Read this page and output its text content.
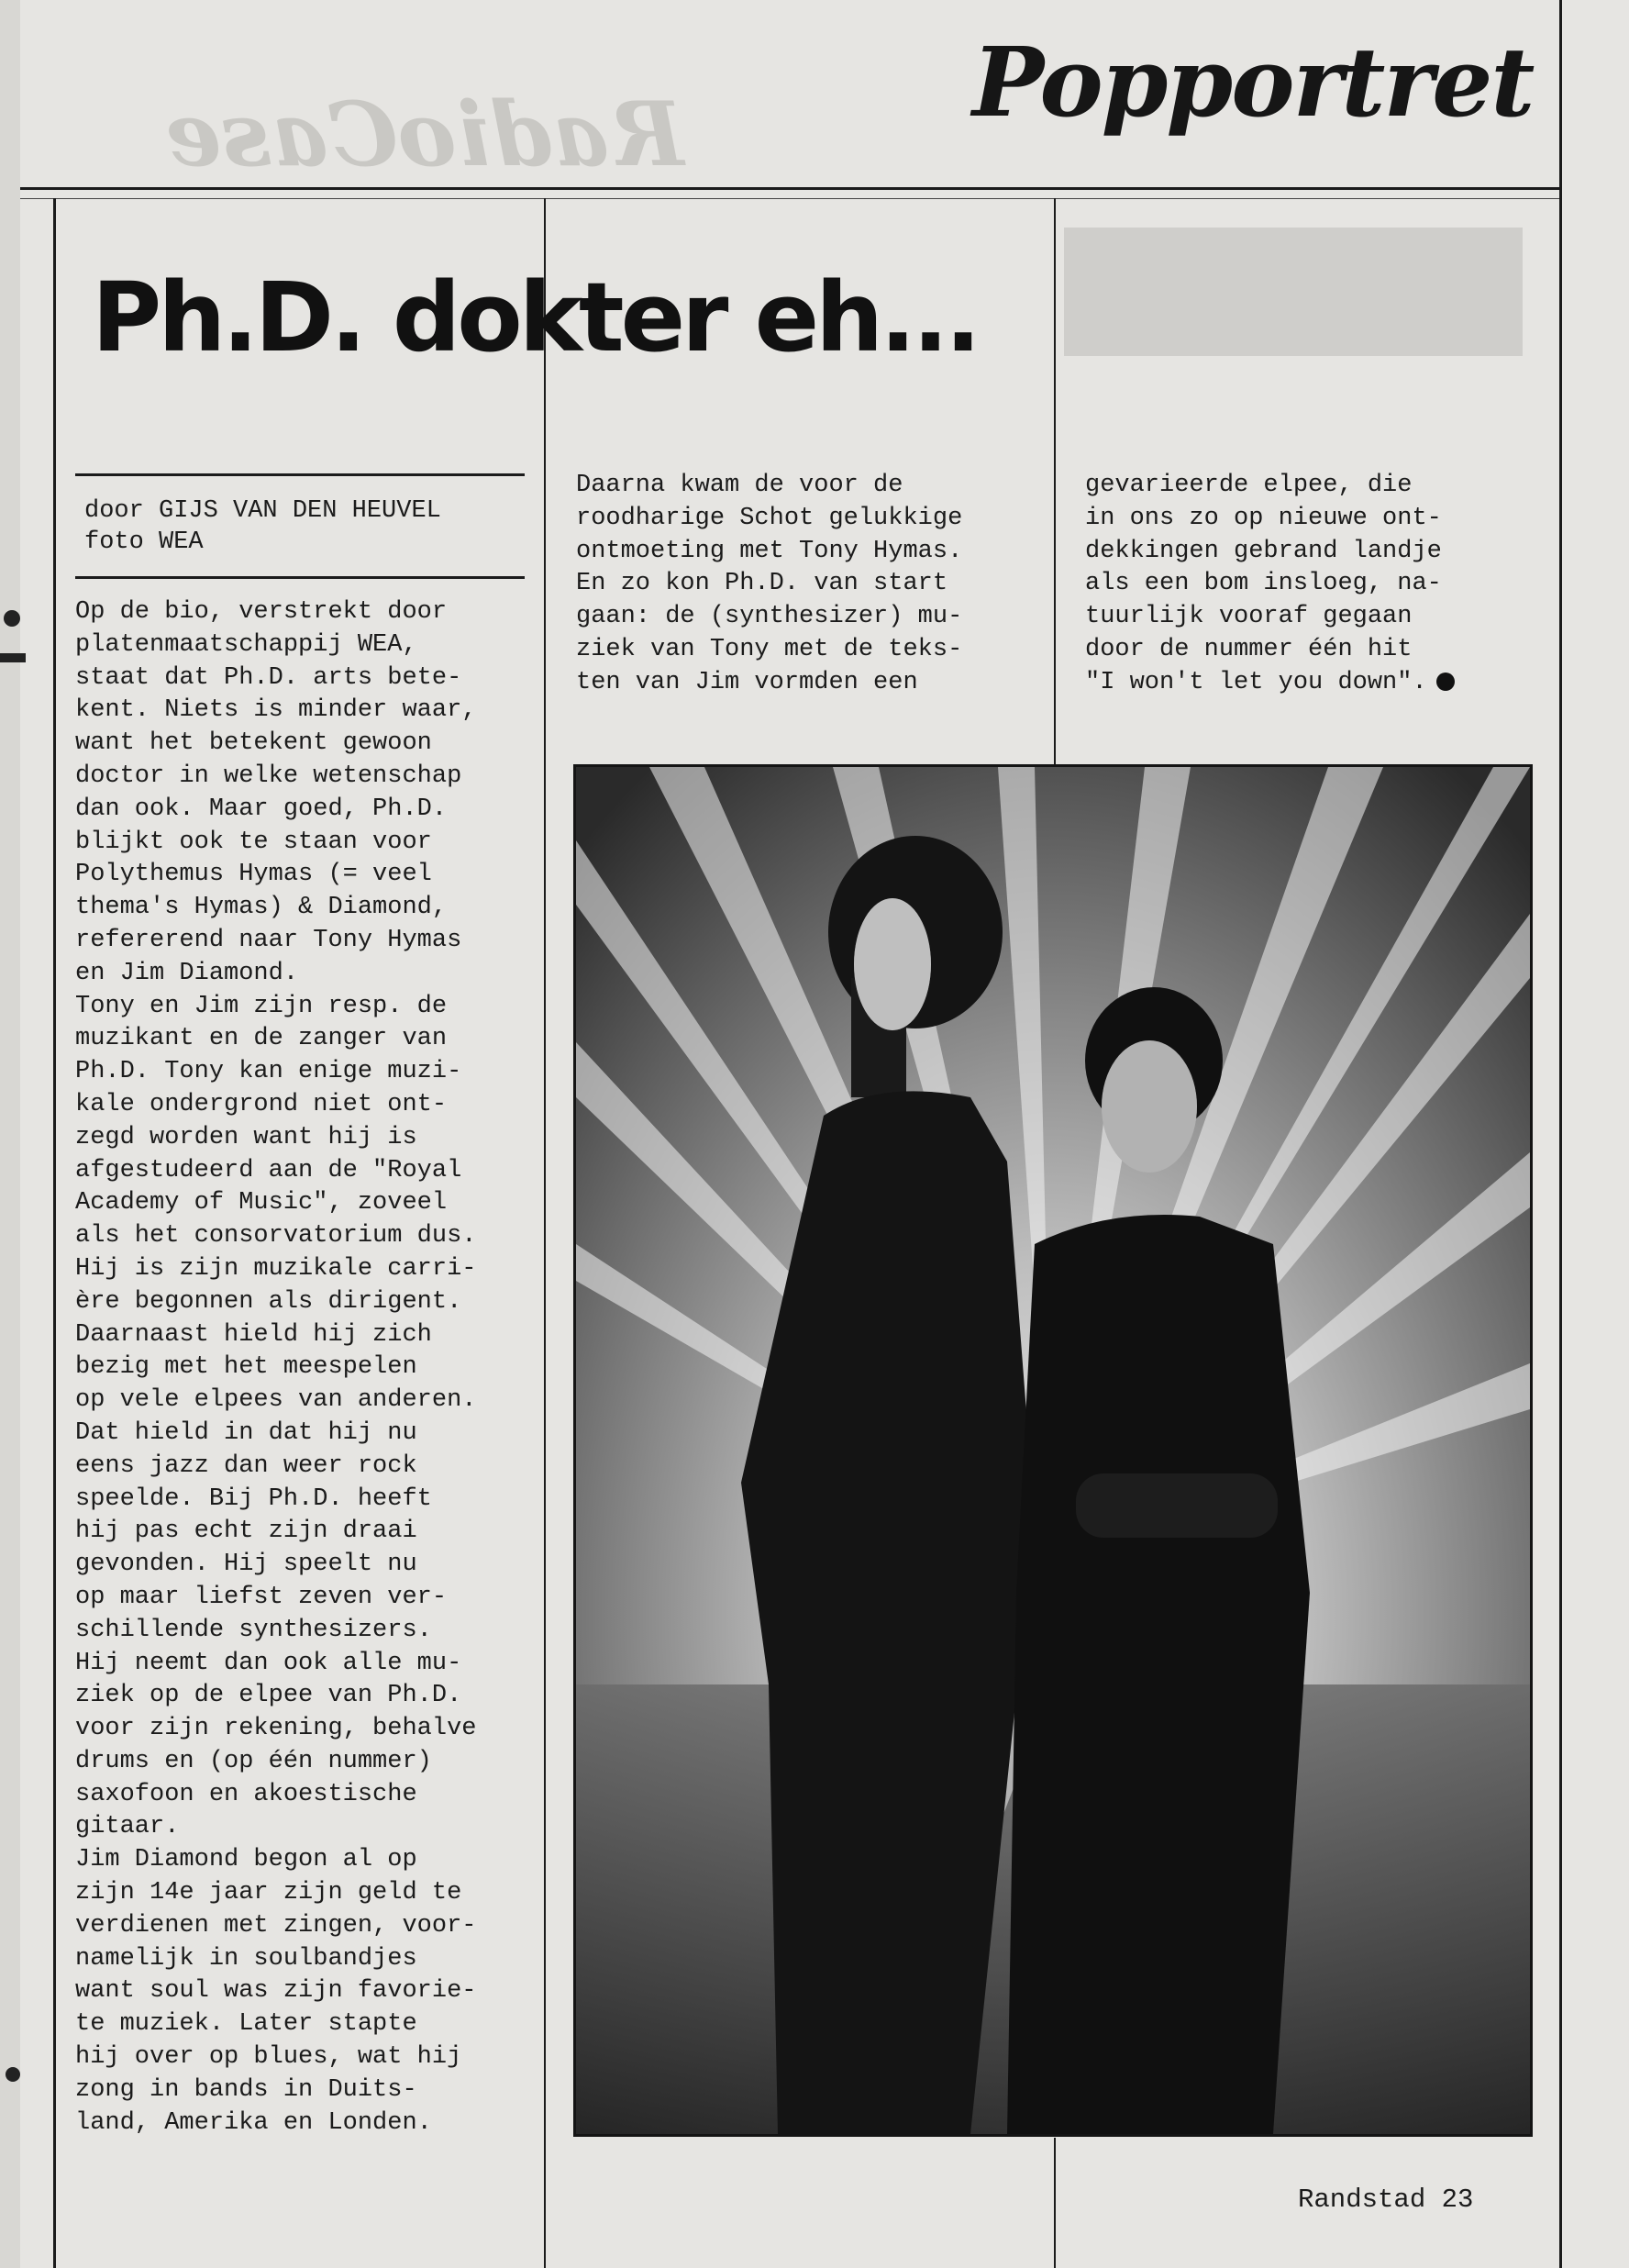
RadioCase	Popportret
Ph.D. dokter eh...
door GIJS VAN DEN HEUVEL
foto WEA

Op de bio, verstrekt door

platenmaatschappij WEA,

staat dat Ph.D. arts bete-

kent. Niets is minder waar,

want het betekent gewoon

doctor in welke wetenschap

dan ook. Maar goed, Ph.D.

blijkt ook te staan voor

Polythemus Hymas (= veel

thema's Hymas) & Diamond,

refererend naar Tony Hymas

en Jim Diamond.

Tony en Jim zijn resp. de

muzikant en de zanger van

Ph.D. Tony kan enige muzi-

kale ondergrond niet ont-

zegd worden want hij is

afgestudeerd aan de "Royal

Academy of Music", zoveel

als het consorvatorium dus.

Hij is zijn muzikale carri-

ère begonnen als dirigent.

Daarnaast hield hij zich

bezig met het meespelen

op vele elpees van anderen.

Dat hield in dat hij nu

eens jazz dan weer rock

speelde. Bij Ph.D. heeft

hij pas echt zijn draai

gevonden. Hij speelt nu

op maar liefst zeven ver-

schillende synthesizers.

Hij neemt dan ook alle mu-

ziek op de elpee van Ph.D.

voor zijn rekening, behalve

drums en (op één nummer)

saxofoon en akoestische

gitaar.

Jim Diamond begon al op

zijn 14e jaar zijn geld te

verdienen met zingen, voor-

namelijk in soulbandjes

want soul was zijn favorie-

te muziek. Later stapte

hij over op blues, wat hij

zong in bands in Duits-

land, Amerika en Londen.

Daarna kwam de voor de

roodharige Schot gelukkige

ontmoeting met Tony Hymas.

En zo kon Ph.D. van start

gaan: de (synthesizer) mu-

ziek van Tony met de teks-

ten van Jim vormden een

gevarieerde elpee, die

in ons zo op nieuwe ont-

dekkingen gebrand landje

als een bom insloeg, na-

tuurlijk vooraf gegaan

door de nummer één hit

"I won't let you down".

Randstad 23
